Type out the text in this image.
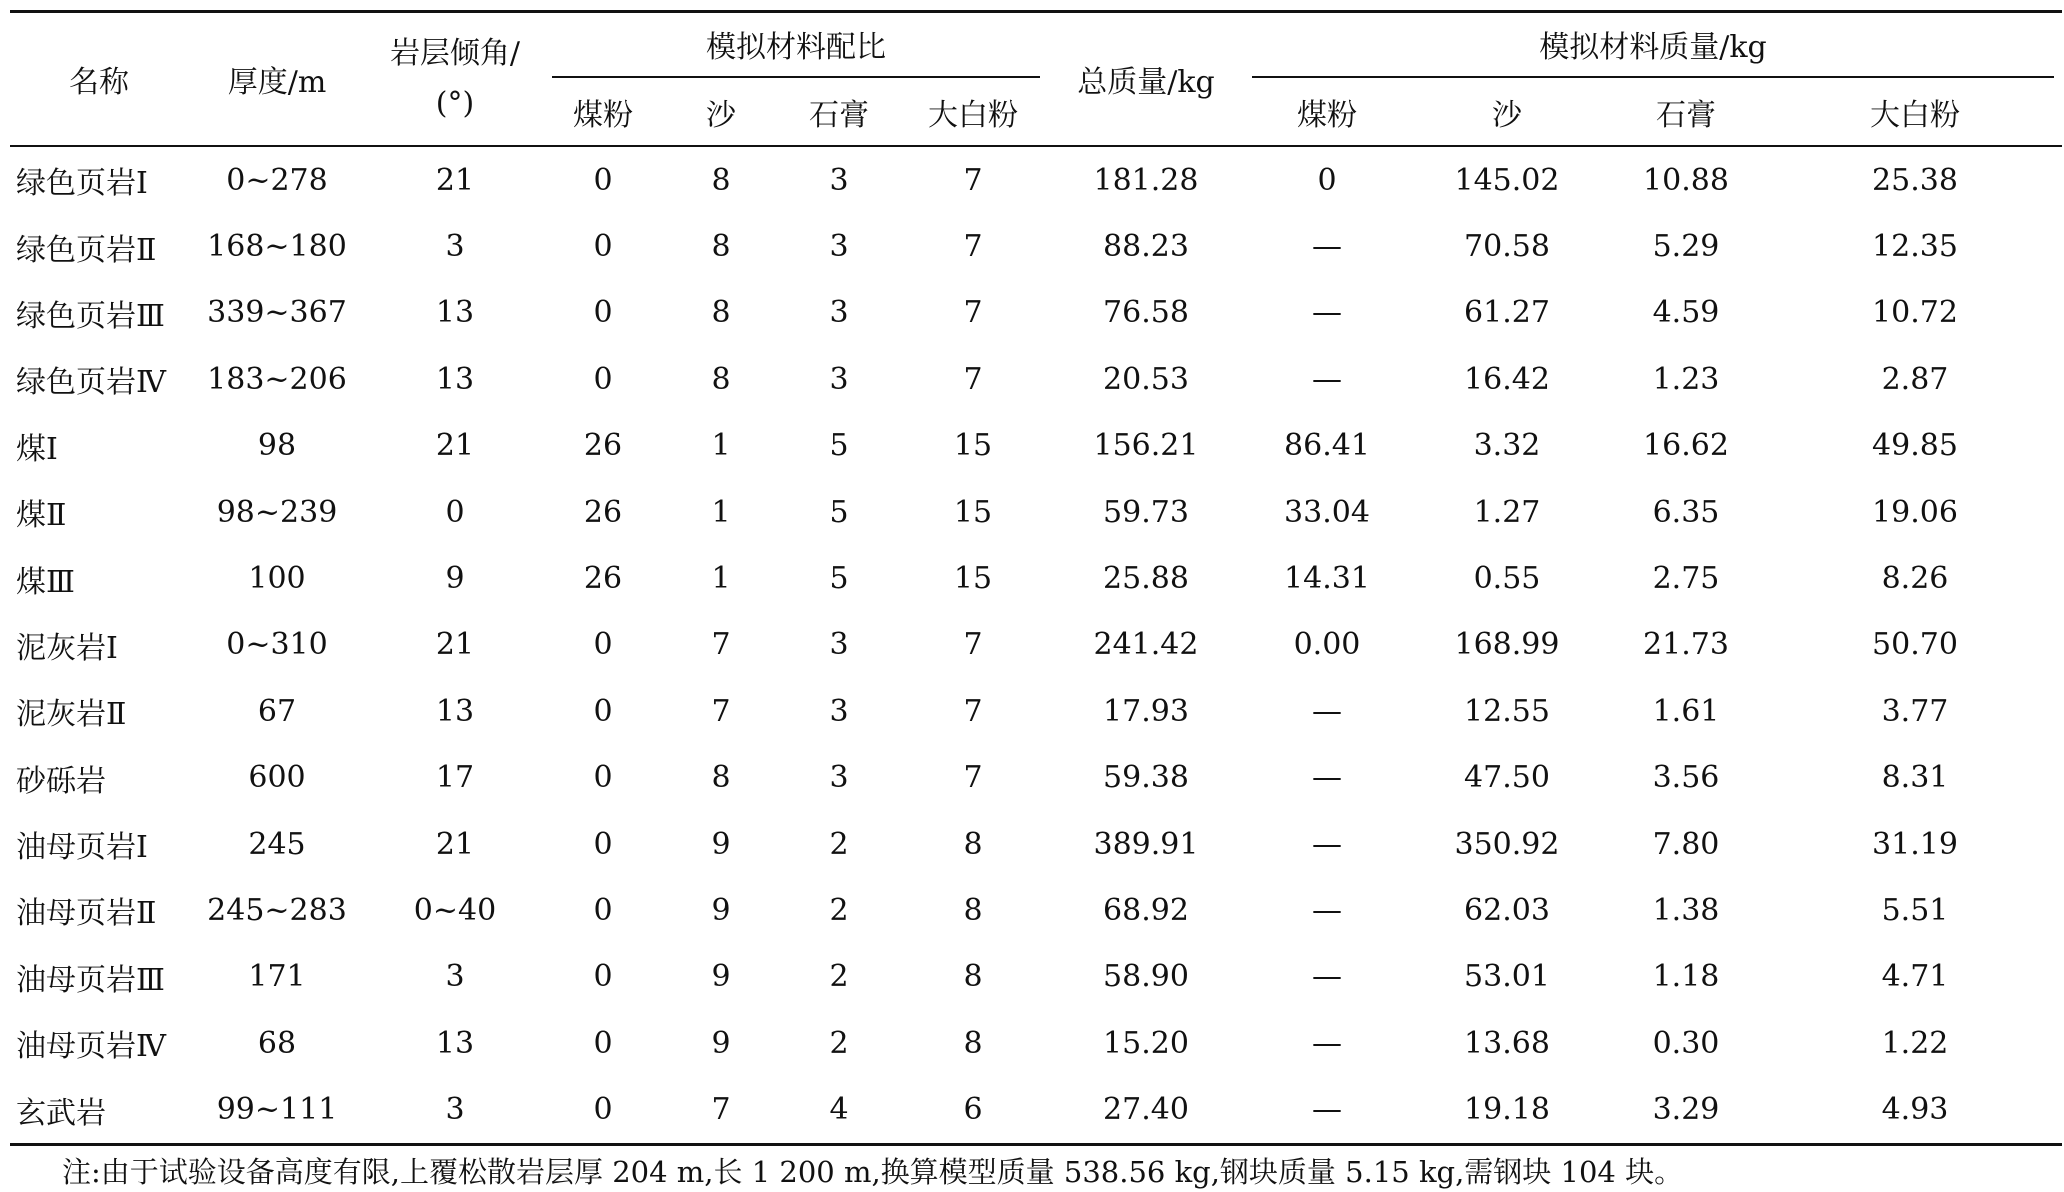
名称	厚度/m	岩层倾角/
(°)	模拟材料配比				总质量/kg	模拟材料质量/kg			

			煤粉	沙	石膏	大白粉		煤粉	沙	石膏	大白粉
绿色页岩Ⅰ	0~278	21	0	8	3	7	181.28	0	145.02	10.88	25.38
绿色页岩Ⅱ	168~180	3	0	8	3	7	88.23	—	70.58	5.29	12.35
绿色页岩Ⅲ	339~367	13	0	8	3	7	76.58	—	61.27	4.59	10.72
绿色页岩Ⅳ	183~206	13	0	8	3	7	20.53	—	16.42	1.23	2.87
煤Ⅰ	98	21	26	1	5	15	156.21	86.41	3.32	16.62	49.85
煤Ⅱ	98~239	0	26	1	5	15	59.73	33.04	1.27	6.35	19.06
煤Ⅲ	100	9	26	1	5	15	25.88	14.31	0.55	2.75	8.26
泥灰岩Ⅰ	0~310	21	0	7	3	7	241.42	0.00	168.99	21.73	50.70
泥灰岩Ⅱ	67	13	0	7	3	7	17.93	—	12.55	1.61	3.77
砂砾岩	600	17	0	8	3	7	59.38	—	47.50	3.56	8.31
油母页岩Ⅰ	245	21	0	9	2	8	389.91	—	350.92	7.80	31.19
油母页岩Ⅱ	245~283	0~40	0	9	2	8	68.92	—	62.03	1.38	5.51
油母页岩Ⅲ	171	3	0	9	2	8	58.90	—	53.01	1.18	4.71
油母页岩Ⅳ	68	13	0	9	2	8	15.20	—	13.68	0.30	1.22
玄武岩	99~111	3	0	7	4	6	27.40	—	19.18	3.29	4.93
注:由于试验设备高度有限,上覆松散岩层厚 204 m,长 1 200 m,换算模型质量 538.56 kg,钢块质量 5.15 kg,需钢块 104 块。
